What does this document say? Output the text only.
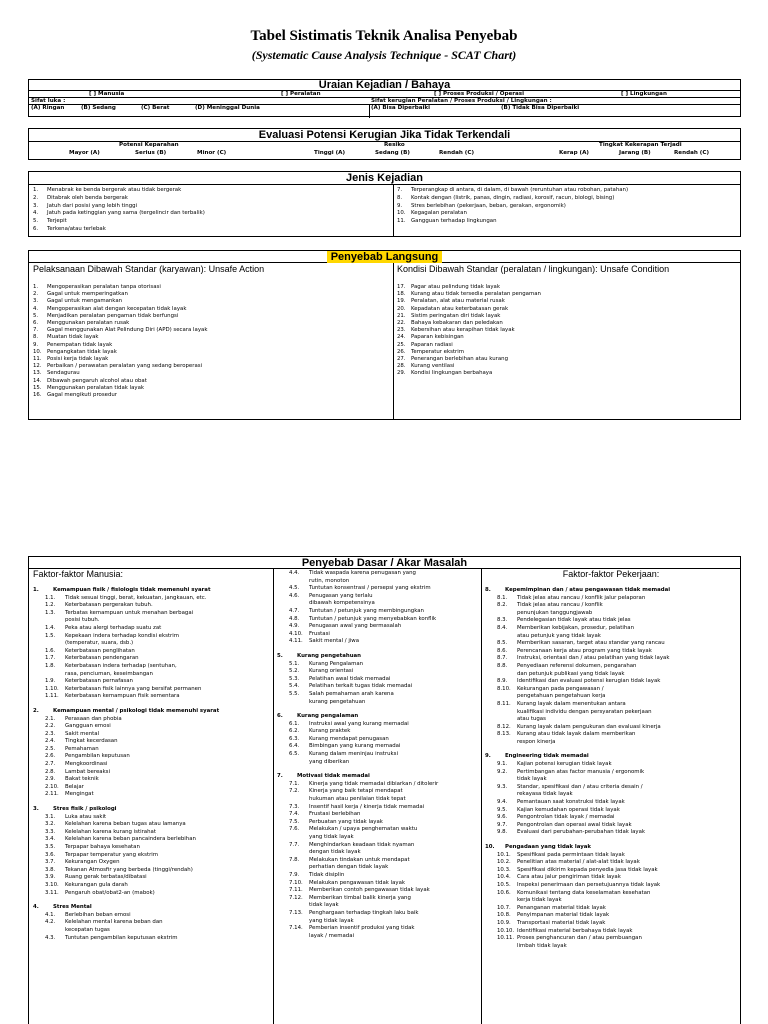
Tabel Sistimatis Teknik Analisa Penyebab
(Systematic Cause Analysis Technique - SCAT Chart)
Uraian Kejadian / Bahaya
[ ] Manusia	[ ] Peralatan	[ ] Proses Produksi / Operasi	[ ] Lingkungan
Sifat luka :	Sifat kerugian Peralatan / Proses Produksi / Lingkungan :
(A) Ringan	(B) Sedang	(C) Berat	(D) Meninggal Dunia	(A) Bisa Diperbaiki	(B) Tidak Bisa Diperbaiki
Evaluasi Potensi Kerugian Jika Tidak Terkendali
Potensi Keparahan
Mayor (A)	Serius (B)	Minor (C)
Resiko
Tinggi (A)	Sedang (B)	Rendah (C)
Tingkat Kekerapan Terjadi
Kerap (A)	Jarang (B)	Rendah (C)
Jenis Kejadian
1. Menabrak ke benda bergerak atau tidak bergerak
2. Ditabrak oleh benda bergerak
3. Jatuh dari posisi yang lebih tinggi
4. Jatuh pada ketinggian yang sama (tergelincir dan terbalik)
5. Terjepit
6. Terkena/atau terlebak
7. Terperangkap di antara, di dalam, di bawah (reruntuhan atau robohan, patahan)
8. Kontak dengan (listrik, panas, dingin, radiasi, korosif, racun, biologi, bising)
9. Stres berlebihan (pekerjaan, beban, gerakan, ergonomik)
10. Kegagalan peralatan
11. Gangguan terhadap lingkungan
Penyebab Langsung
Pelaksanaan Dibawah Standar (karyawan): Unsafe Action	Kondisi Dibawah Standar (peralatan / lingkungan): Unsafe Condition
1. Mengoperasikan peralatan tanpa otorisasi
2. Gagal untuk memperingatkan
3. Gagal untuk mengamankan
4. Mengoperasikan alat dengan kecepatan tidak layak
5. Menjadikan peralatan pengaman tidak berfungsi
6. Menggunakan peralatan rusak
7. Gagal menggunakan Alat Pelindung Diri (APD) secara layak
8. Muatan tidak layak
9. Penempatan tidak layak
10. Pengangkatan tidak layak
11. Posisi kerja tidak layak
12. Perbaikan / perawatan peralatan yang sedang beroperasi
13. Sendagurau
14. Dibawah pengaruh alcohol atau obat
15. Menggunakan peralatan tidak layak
16. Gagal mengikuti prosedur
17. Pagar atau pelindung tidak layak
18. Kurang atau tidak tersedia peralatan pengaman
19. Peralatan, alat atau material rusak
20. Kepadatan atau keterbatasan gerak
21. Sistim peringatan diri tidak layak
22. Bahaya kebakaran dan peledakan
23. Kebersihan atau kerapihan tidak layak
24. Paparan kebisingan
25. Paparan radiasi
26. Temperatur ekstrim
27. Penerangan berlebihan atau kurang
28. Kurang ventilasi
29. Kondisi lingkungan berbahaya
Penyebab Dasar / Akar Masalah
Faktor-faktor Manusia:	Faktor-faktor Pekerjaan:
1.	Kemampuan fisik / fisiologis tidak memenuhi syarat
1.1. Tidak sesuai tinggi, berat, kekuatan, jangkauan, etc.
1.2. Keterbatasan pergerakan tubuh.
1.3. Terbatas kemampuan untuk menahan berbagai
posisi tubuh.
1.4. Peka atau alergi terhadap suatu zat
1.5. Kepekaan indera terhadap kondisi ekstrim
(temperatur, suara, dsb.)
1.6. Keterbatasan penglihatan
1.7. Keterbatasan pendengaran
1.8. Keterbatasan indera terhadap (sentuhan,
rasa, penciuman, keseimbangan
1.9. Keterbatasan pernafasan
1.10. Keterbatasan fisik lainnya yang bersifat permanen
1.11. Keterbatasan kemampuan fisik sementara
2.	Kemampuan mental / psikologi tidak memenuhi syarat
2.1. Perasaan dan phobia
2.2. Gangguan emosi
2.3. Sakit mental
2.4. Tingkat kecerdasan
2.5. Pemahaman
2.6. Pengambilan keputusan
2.7. Mengkoordinasi
2.8. Lambat bereaksi
2.9. Bakat teknik
2.10. Belajar
2.11. Mengingat
3.	Stres fisik / psikologi
3.1. Luka atau sakit
3.2. Kelelahan karena beban tugas atau lamanya
3.3. Kelelahan karena kurang istirahat
3.4. Kelelahan karena beban pancaindera berlebihan
3.5. Terpapar bahaya kesehatan
3.6. Terpapar temperatur yang ekstrim
3.7. Kekurangan Oxygen
3.8. Tekanan Atmosfir yang berbeda (tinggi/rendah)
3.9. Ruang gerak terbatas/dibatasi
3.10. Kekurangan gula darah
3.11. Pengaruh obat/obat2-an (mabok)
4.	Stres Mental
4.1. Berlebihan beban emosi
4.2. Kelelahan mental karena beban dan
kecepatan tugas
4.3. Tuntutan pengambilan keputusan ekstrim
4.4. Tidak waspada karena penugasan yang
rutin, monoton
4.5. Tuntutan konsentrasi / persepsi yang ekstrim
4.6. Penugasan yang terlalu
dibawah kompetensinya
4.7. Tuntutan / petunjuk yang membingungkan
4.8. Tuntutan / petunjuk yang menyebabkan konflik
4.9. Penugasan awal yang bermasalah
4.10. Frustasi
4.11. Sakit mental / jiwa
5.	Kurang pengetahuan
5.1. Kurang Pengalaman
5.2. Kurang orientasi
5.3. Pelatihan awal tidak memadai
5.4. Pelatihan terkait tugas tidak memadai
5.5. Salah pemahaman arah karena
kurang pengetahuan
6.	Kurang pengalaman
6.1. Instruksi awal yang kurang memadai
6.2. Kurang praktek
6.3. Kurang mendapat penugasan
6.4. Bimbingan yang kurang memadai
6.5. Kurang dalam meninjau instruksi
yang diberikan
7.	Motivasi tidak memadai
7.1. Kinerja yang tidak memadai dibiarkan / ditolerir
7.2. Kinerja yang baik tetapi mendapat
hukuman atau penilaian tidak tepat
7.3. Insentif hasil kerja / kinerja tidak memadai
7.4. Frustasi berlebihan
7.5. Perbuatan yang tidak layak
7.6. Melakukan / upaya penghematan waktu
yang tidak layak
7.7. Menghindarkan keadaan tidak nyaman
dengan tidak layak
7.8. Melakukan tindakan untuk mendapat
perhatian dengan tidak layak
7.9. Tidak disiplin
7.10. Melakukan pengawasan tidak layak
7.11. Memberikan contoh pengawasan tidak layak
7.12. Memberikan timbal balik kinerja yang
tidak layak
7.13. Penghargaan terhadap tingkah laku baik
yang tidak layak
7.14. Pemberian insentif produksi yang tidak
layak / memadai
8.	Kepemimpinan dan / atau pengawasan tidak memadai
8.1. Tidak jelas atau rancau / konflik jalur pelaporan
8.2. Tidak jelas atau rancau / konflik
penunjukan tanggungjawab
8.3. Pendelegasian tidak layak atau tidak jelas
8.4. Memberikan kebijakan, prosedur, pelatihan
atau petunjuk yang tidak layak
8.5. Memberikan sasaran, target atau standar yang rancau
8.6. Perencanaan kerja atau program yang tidak layak
8.7. Instruksi, orientasi dan / atau pelatihan yang tidak layak
8.8. Penyediaan referensi dokumen, pengarahan
dan petunjuk publikasi yang tidak layak
8.9. Identifikasi dan evaluasi potensi kerugian tidak layak
8.10. Kekurangan pada pengawasan /
pengetahuan pengetahuan kerja
8.11. Kurang layak dalam menentukan antara
kualifikasi individu dengan persyaratan pekerjaan
atau tugas
8.12. Kurang layak dalam pengukuran dan evaluasi kinerja
8.13. Kurang atau tidak layak dalam memberikan
respon kinerja
9.	Engineering tidak memadai
9.1. Kajian potensi kerugian tidak layak
9.2. Pertimbangan atas factor manusia / ergonomik
tidak layak
9.3. Standar, spesifikasi dan / atau criteria desain /
rekayasa tidak layak
9.4. Pemantauan saat konstruksi tidak layak
9.5. Kajian kemudahan operasi tidak layak
9.6. Pengontrolan tidak layak / memadai
9.7. Pengontrolan dan operasi awal tidak layak
9.8. Evaluasi dari perubahan-perubahan tidak layak
10. Pengadaan yang tidak layak
10.1. Spesifikasi pada permintaan tidak layak
10.2. Penelitian atas material / alat-alat tidak layak
10.3. Spesifikasi dikirim kepada penyedia jasa tidak layak
10.4. Cara atau jalur pengiriman tidak layak
10.5. Inspeksi penerimaan dan persetujuannya tidak layak
10.6. Komunikasi tentang data keselamatan kesehatan
kerja tidak layak
10.7. Penanganan material tidak layak
10.8. Penyimpanan material tidak layak
10.9. Transportasi material tidak layak
10.10. Identifikasi material berbahaya tidak layak
10.11. Proses penghancuran dan / atau pembuangan
limbah tidak layak
